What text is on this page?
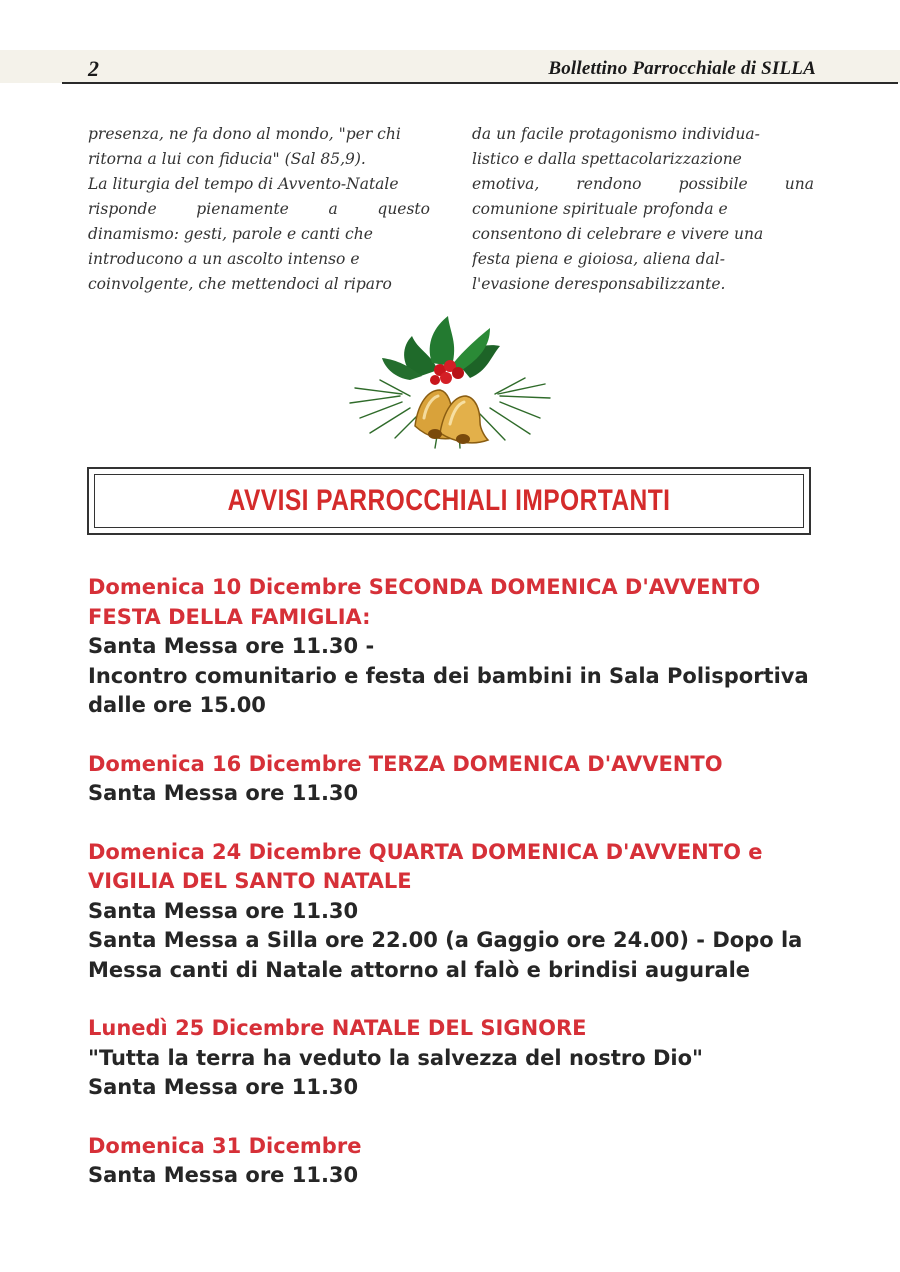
2	Bollettino Parrocchiale di SILLA
presenza, ne fa dono al mondo, "per chi
ritorna a lui con fiducia" (Sal 85,9).
La liturgia del tempo di Avvento-Natale
risponde pienamente a questo
dinamismo: gesti, parole e canti che
introducono a un ascolto intenso e
coinvolgente, che mettendoci al riparo
da un facile protagonismo individua-
listico e dalla spettacolarizzazione
emotiva, rendono possibile una
comunione spirituale profonda e
consentono di celebrare e vivere una
festa piena e gioiosa, aliena dal-
l'evasione deresponsabilizzante.
AVVISI PARROCCHIALI IMPORTANTI
Domenica 10 Dicembre SECONDA DOMENICA D'AVVENTO
FESTA DELLA FAMIGLIA:
Santa Messa ore 11.30 -
Incontro comunitario e festa dei bambini in Sala Polisportiva
dalle ore 15.00
Domenica 16 Dicembre TERZA DOMENICA D'AVVENTO
Santa Messa ore 11.30
Domenica 24 Dicembre QUARTA DOMENICA D'AVVENTO e
VIGILIA DEL SANTO NATALE
Santa Messa ore 11.30
Santa Messa a Silla ore 22.00 (a Gaggio ore 24.00) - Dopo la
Messa canti di Natale attorno al falò e brindisi augurale
Lunedì 25 Dicembre NATALE DEL SIGNORE
"Tutta la terra ha veduto la salvezza del nostro Dio"
Santa Messa ore 11.30
Domenica 31 Dicembre
Santa Messa ore 11.30
